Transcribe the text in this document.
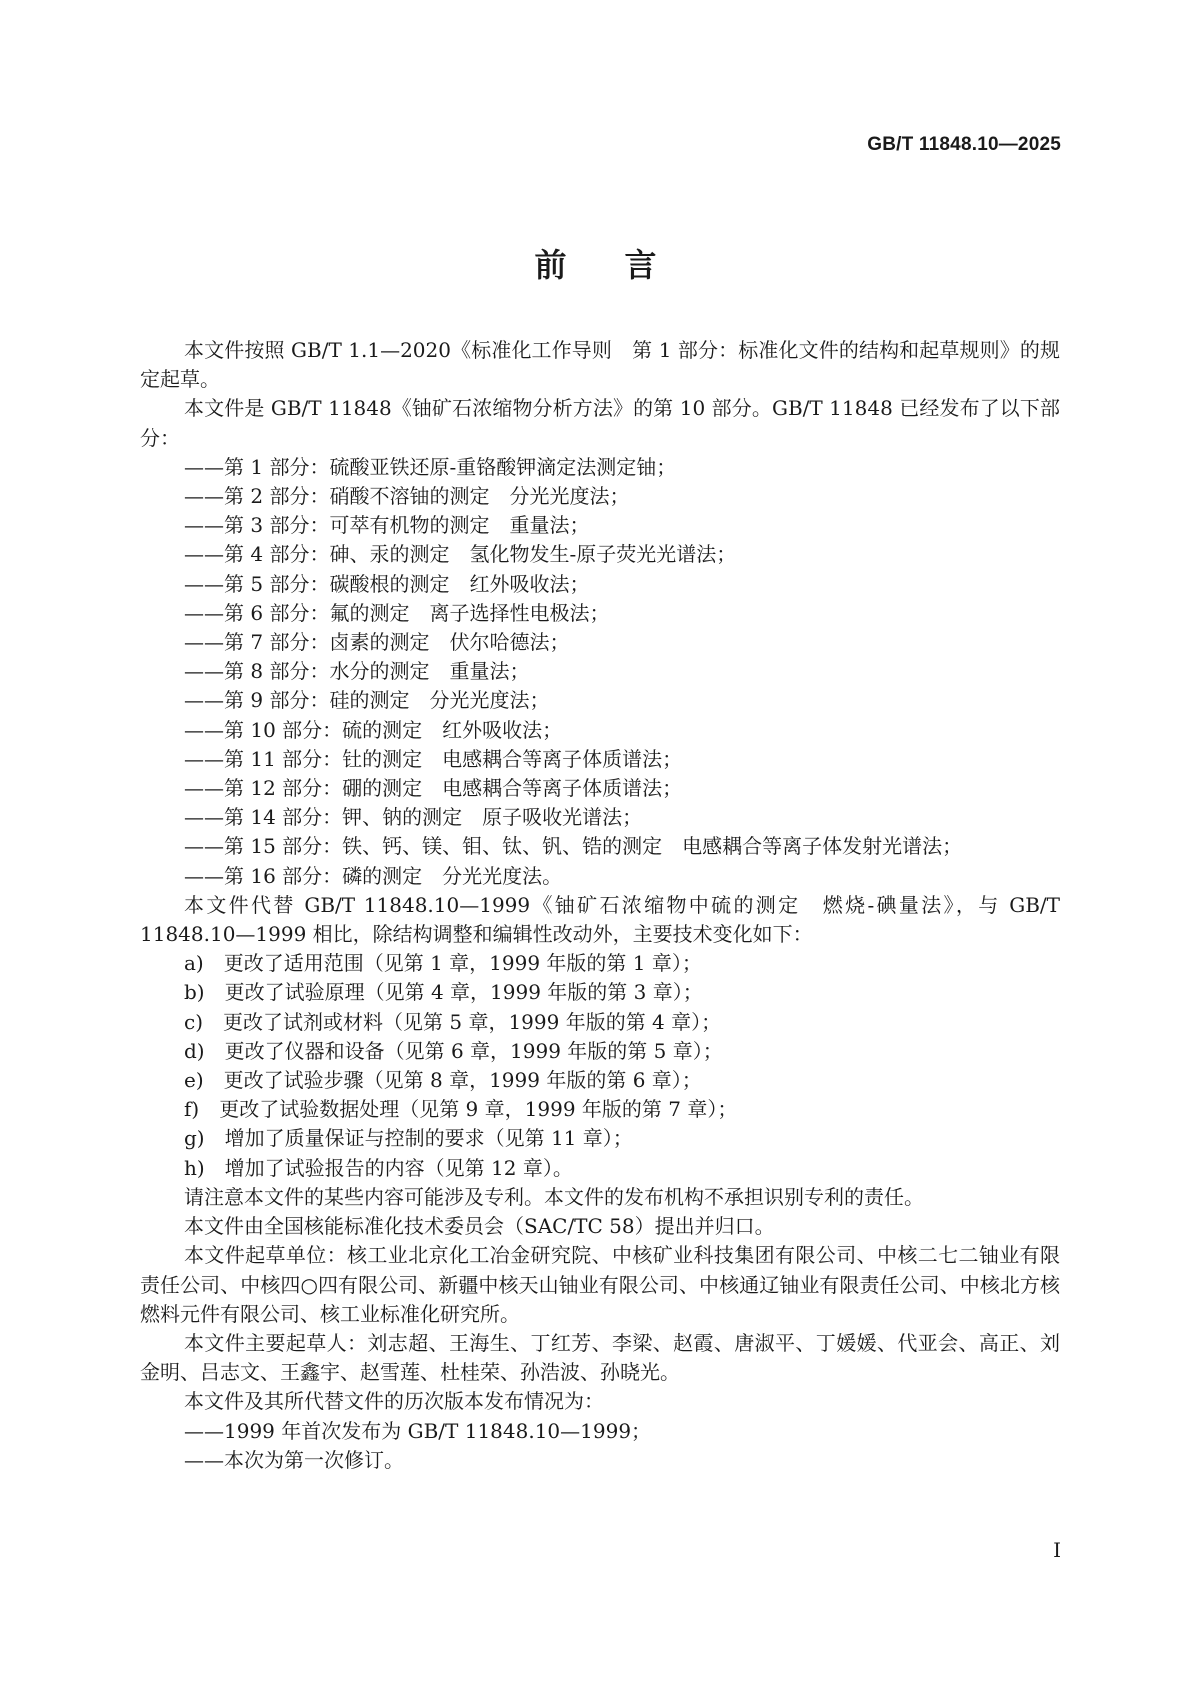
GB/T 11848.10—2025
前 言

本文件按照 GB/T 1.1—2020《标准化工作导则　第 1 部分：标准化文件的结构和起草规则》的规定起草。

本文件是 GB/T 11848《铀矿石浓缩物分析方法》的第 10 部分。GB/T 11848 已经发布了以下部分：

——第 1 部分：硫酸亚铁还原-重铬酸钾滴定法测定铀；

——第 2 部分：硝酸不溶铀的测定　分光光度法；

——第 3 部分：可萃有机物的测定　重量法；

——第 4 部分：砷、汞的测定　氢化物发生-原子荧光光谱法；

——第 5 部分：碳酸根的测定　红外吸收法；

——第 6 部分：氟的测定　离子选择性电极法；

——第 7 部分：卤素的测定　伏尔哈德法；

——第 8 部分：水分的测定　重量法；

——第 9 部分：硅的测定　分光光度法；

——第 10 部分：硫的测定　红外吸收法；

——第 11 部分：钍的测定　电感耦合等离子体质谱法；

——第 12 部分：硼的测定　电感耦合等离子体质谱法；

——第 14 部分：钾、钠的测定　原子吸收光谱法；

——第 15 部分：铁、钙、镁、钼、钛、钒、锆的测定　电感耦合等离子体发射光谱法；

——第 16 部分：磷的测定　分光光度法。

本文件代替 GB/T 11848.10—1999《铀矿石浓缩物中硫的测定　燃烧-碘量法》，与 GB/T 11848.10—1999 相比，除结构调整和编辑性改动外，主要技术变化如下：

a)　更改了适用范围（见第 1 章，1999 年版的第 1 章）；

b)　更改了试验原理（见第 4 章，1999 年版的第 3 章）；

c)　更改了试剂或材料（见第 5 章，1999 年版的第 4 章）；

d)　更改了仪器和设备（见第 6 章，1999 年版的第 5 章）；

e)　更改了试验步骤（见第 8 章，1999 年版的第 6 章）；

f)　更改了试验数据处理（见第 9 章，1999 年版的第 7 章）；

g)　增加了质量保证与控制的要求（见第 11 章）；

h)　增加了试验报告的内容（见第 12 章）。

请注意本文件的某些内容可能涉及专利。本文件的发布机构不承担识别专利的责任。

本文件由全国核能标准化技术委员会（SAC/TC 58）提出并归口。

本文件起草单位：核工业北京化工冶金研究院、中核矿业科技集团有限公司、中核二七二铀业有限责任公司、中核四○四有限公司、新疆中核天山铀业有限公司、中核通辽铀业有限责任公司、中核北方核燃料元件有限公司、核工业标准化研究所。

本文件主要起草人：刘志超、王海生、丁红芳、李梁、赵霞、唐淑平、丁媛媛、代亚会、高正、刘金明、吕志文、王鑫宇、赵雪莲、杜桂荣、孙浩波、孙晓光。

本文件及其所代替文件的历次版本发布情况为：

——1999 年首次发布为 GB/T 11848.10—1999；

——本次为第一次修订。

I
